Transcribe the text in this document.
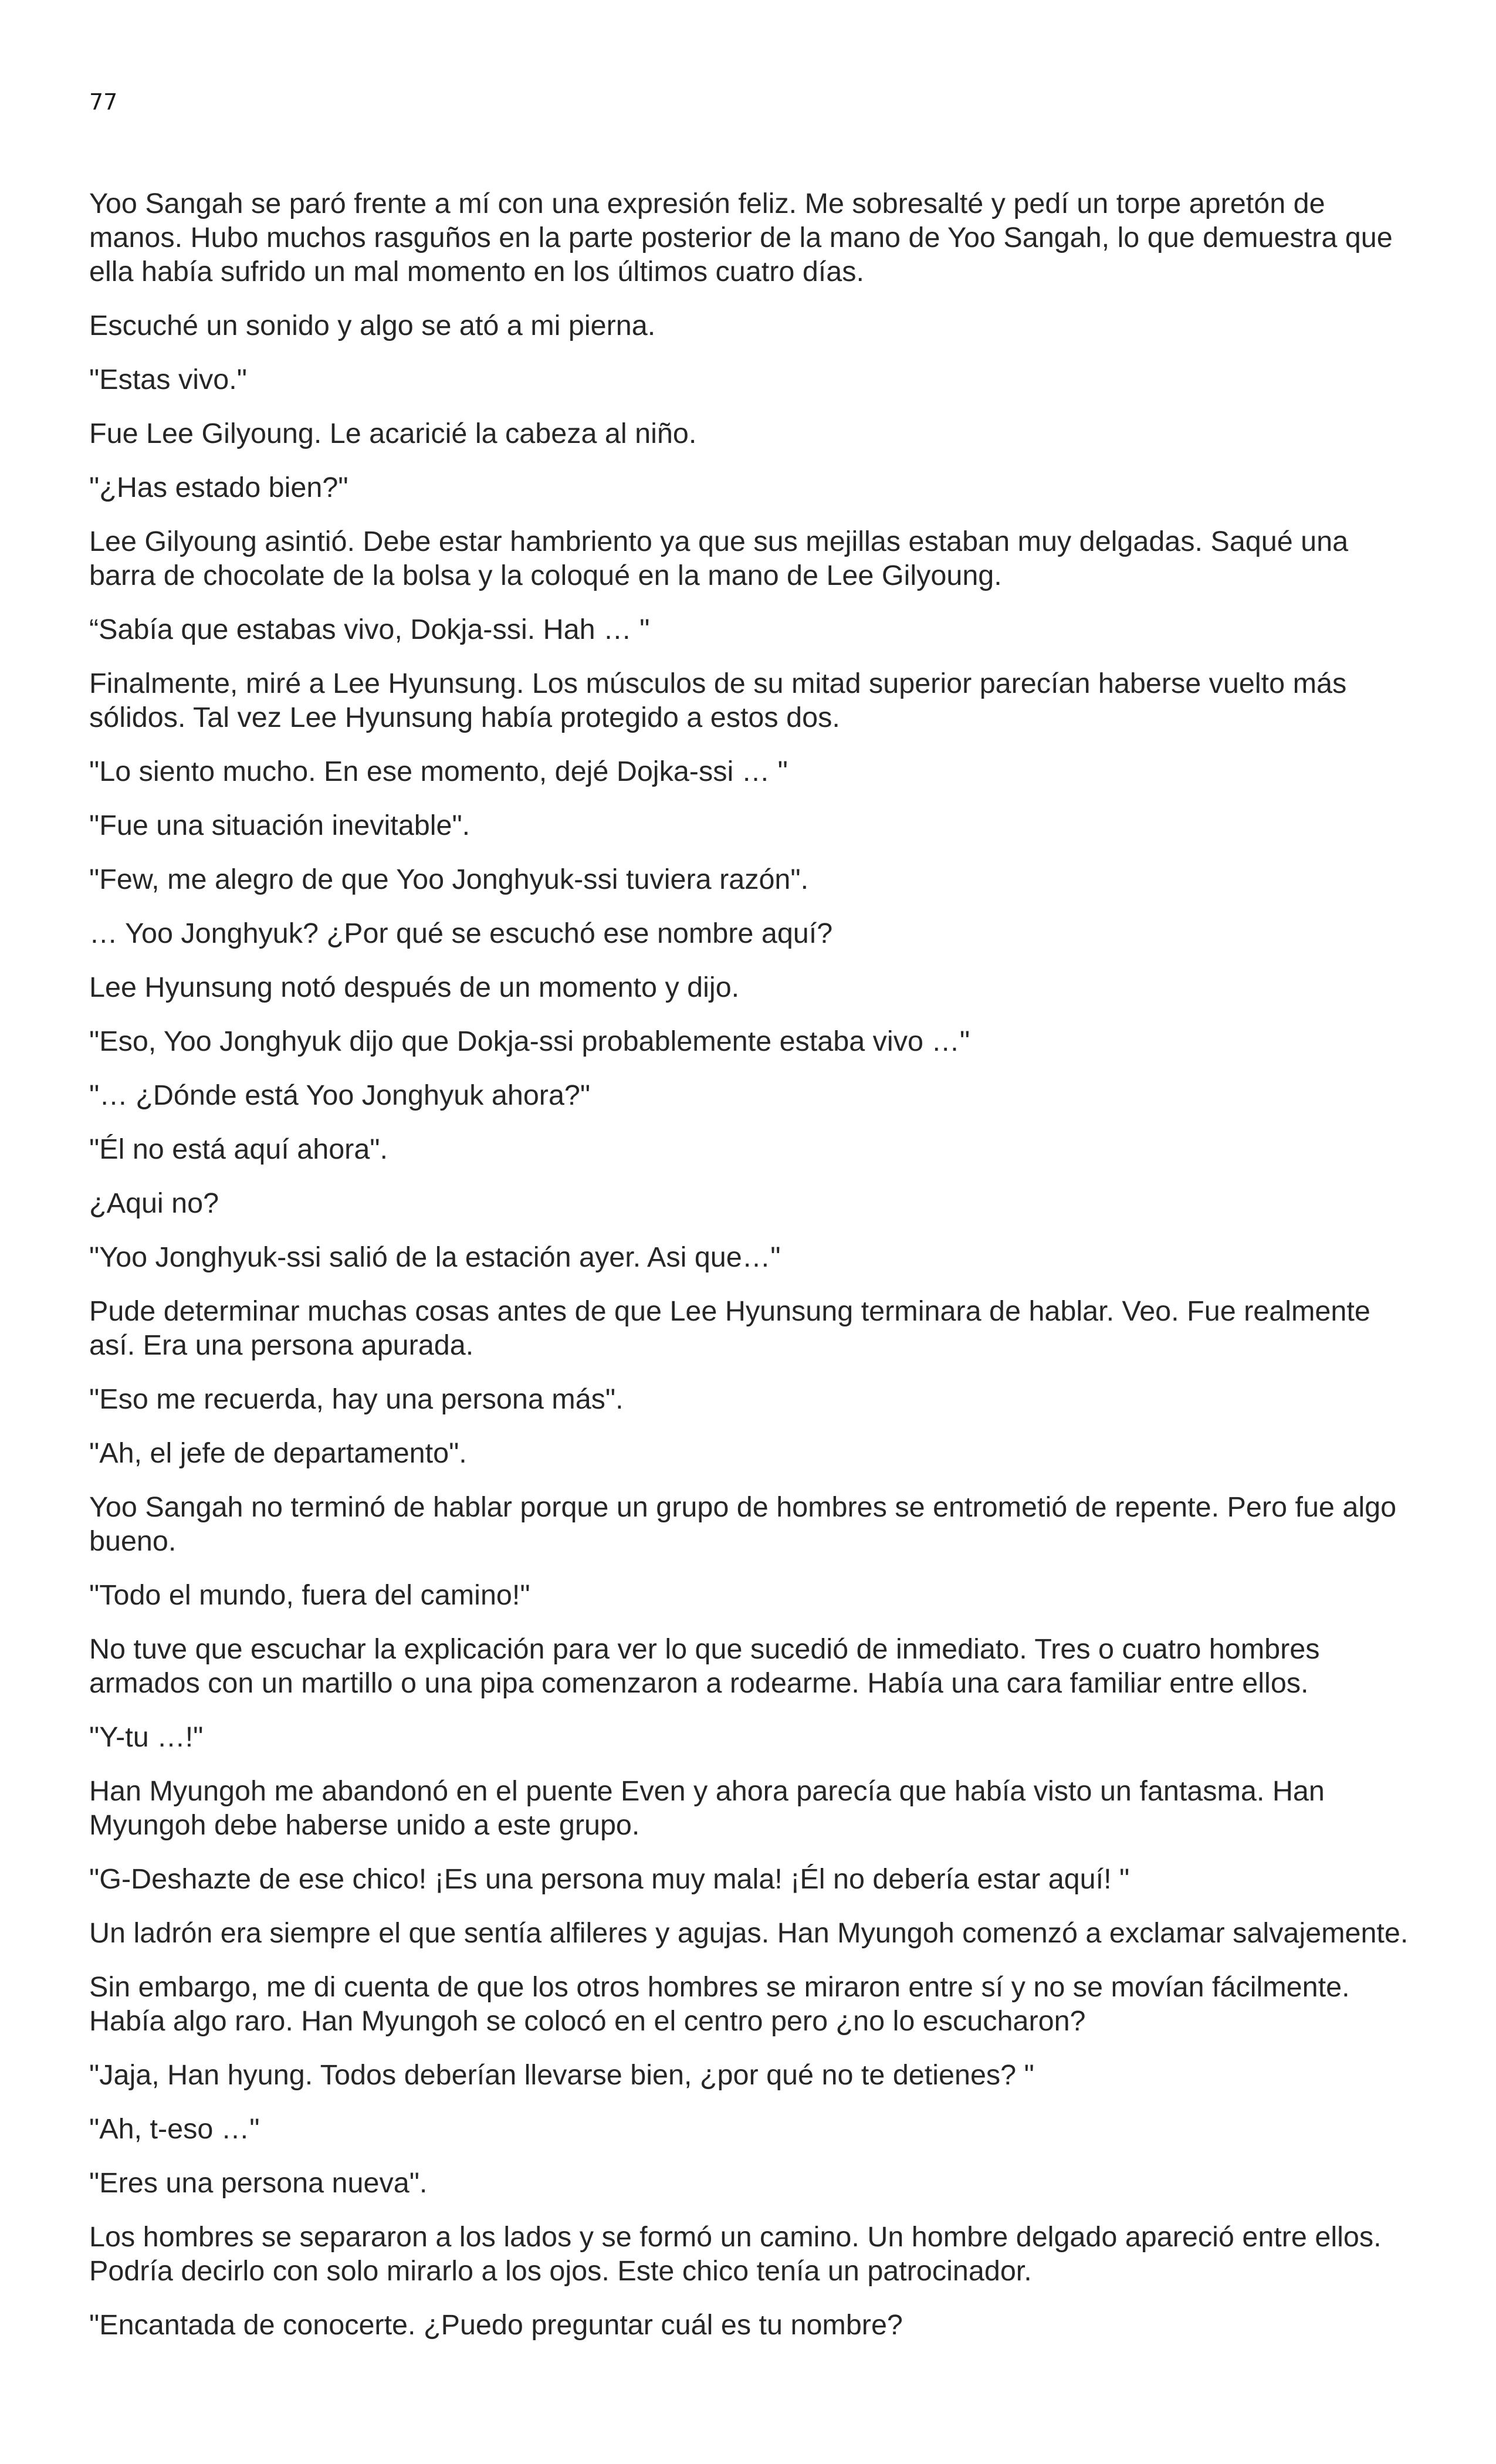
77

Yoo Sangah se paró frente a mí con una expresión feliz. Me sobresalté y pedí un torpe apretón de manos. Hubo muchos rasguños en la parte posterior de la mano de Yoo Sangah, lo que demuestra que ella había sufrido un mal momento en los últimos cuatro días.

Escuché un sonido y algo se ató a mi pierna.

"Estas vivo."

Fue Lee Gilyoung. Le acaricié la cabeza al niño.

"¿Has estado bien?"

Lee Gilyoung asintió. Debe estar hambriento ya que sus mejillas estaban muy delgadas. Saqué una barra de chocolate de la bolsa y la coloqué en la mano de Lee Gilyoung.

“Sabía que estabas vivo, Dokja-ssi. Hah … "

Finalmente, miré a Lee Hyunsung. Los músculos de su mitad superior parecían haberse vuelto más sólidos. Tal vez Lee Hyunsung había protegido a estos dos.

"Lo siento mucho. En ese momento, dejé Dojka-ssi … "

"Fue una situación inevitable".

"Few, me alegro de que Yoo Jonghyuk-ssi tuviera razón".

… Yoo Jonghyuk? ¿Por qué se escuchó ese nombre aquí?

Lee Hyunsung notó después de un momento y dijo.

"Eso, Yoo Jonghyuk dijo que Dokja-ssi probablemente estaba vivo …"

"… ¿Dónde está Yoo Jonghyuk ahora?"

"Él no está aquí ahora".

¿Aqui no?

"Yoo Jonghyuk-ssi salió de la estación ayer. Asi que…"

Pude determinar muchas cosas antes de que Lee Hyunsung terminara de hablar. Veo. Fue realmente así. Era una persona apurada.

"Eso me recuerda, hay una persona más".

"Ah, el jefe de departamento".

Yoo Sangah no terminó de hablar porque un grupo de hombres se entrometió de repente. Pero fue algo bueno.

"Todo el mundo, fuera del camino!"

No tuve que escuchar la explicación para ver lo que sucedió de inmediato. Tres o cuatro hombres armados con un martillo o una pipa comenzaron a rodearme. Había una cara familiar entre ellos.

"Y-tu …!"

Han Myungoh me abandonó en el puente Even y ahora parecía que había visto un fantasma. Han Myungoh debe haberse unido a este grupo.

"G-Deshazte de ese chico! ¡Es una persona muy mala! ¡Él no debería estar aquí! "

Un ladrón era siempre el que sentía alfileres y agujas. Han Myungoh comenzó a exclamar salvajemente.

Sin embargo, me di cuenta de que los otros hombres se miraron entre sí y no se movían fácilmente. Había algo raro. Han Myungoh se colocó en el centro pero ¿no lo escucharon?

"Jaja, Han hyung. Todos deberían llevarse bien, ¿por qué no te detienes? "

"Ah, t-eso …"

"Eres una persona nueva".

Los hombres se separaron a los lados y se formó un camino. Un hombre delgado apareció entre ellos. Podría decirlo con solo mirarlo a los ojos. Este chico tenía un patrocinador.

"Encantada de conocerte. ¿Puedo preguntar cuál es tu nombre?
